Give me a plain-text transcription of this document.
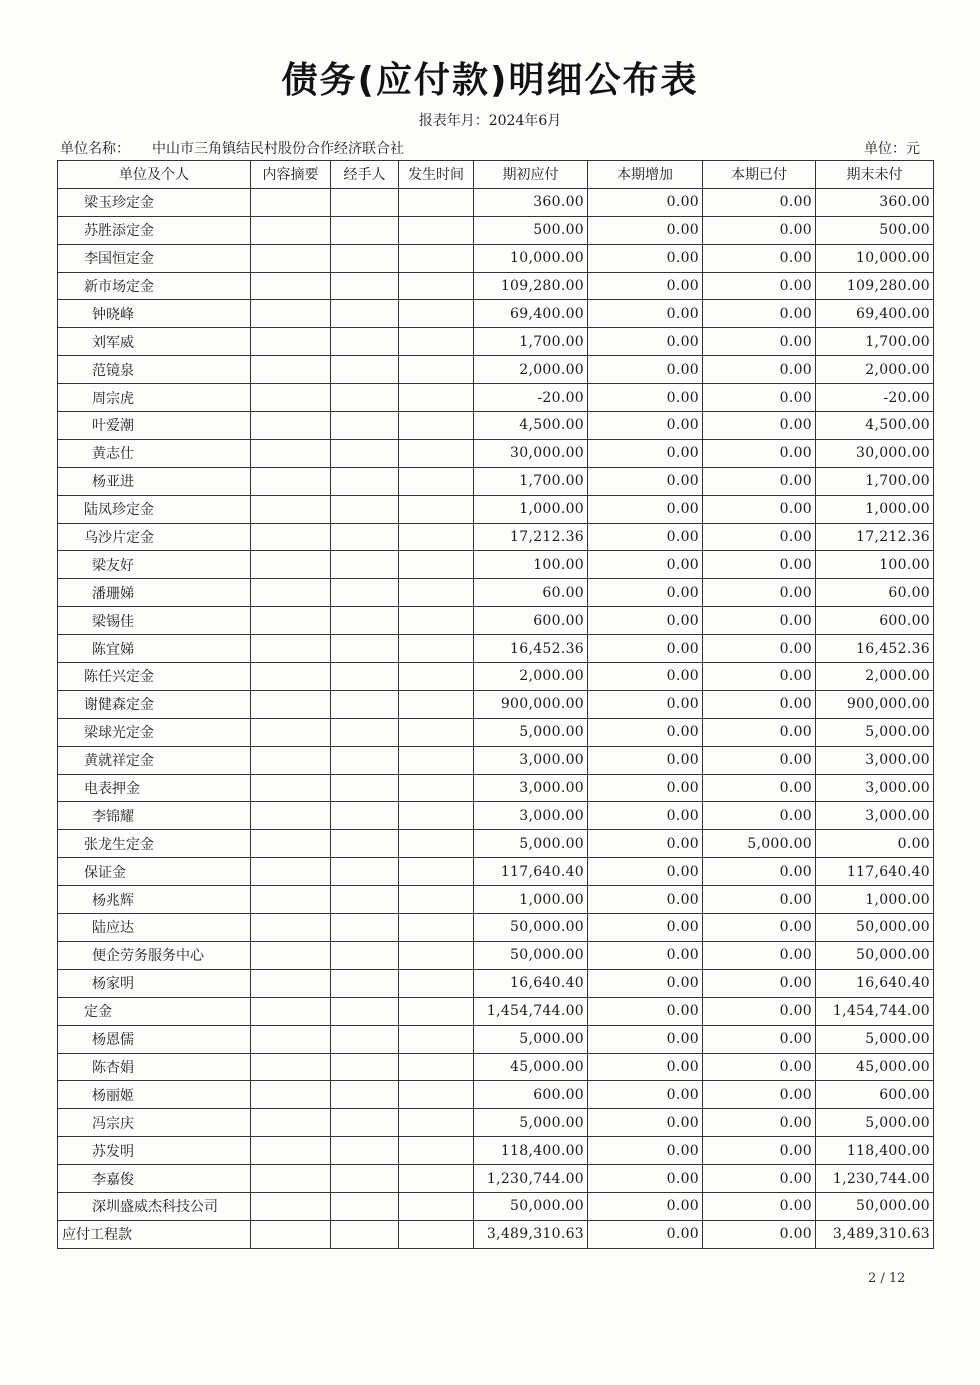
债务(应付款)明细公布表
报表年月：2024年6月
单位名称： 中山市三角镇结民村股份合作经济联合社	单位：元
单位及个人	内容摘要	经手人	发生时间	期初应付	本期增加	本期已付	期末未付
梁玉珍定金				360.00	0.00	0.00	360.00
苏胜添定金				500.00	0.00	0.00	500.00
李国恒定金				10,000.00	0.00	0.00	10,000.00
新市场定金				109,280.00	0.00	0.00	109,280.00
钟晓峰				69,400.00	0.00	0.00	69,400.00
刘军威				1,700.00	0.00	0.00	1,700.00
范镜泉				2,000.00	0.00	0.00	2,000.00
周宗虎				-20.00	0.00	0.00	-20.00
叶爱潮				4,500.00	0.00	0.00	4,500.00
黄志仕				30,000.00	0.00	0.00	30,000.00
杨亚进				1,700.00	0.00	0.00	1,700.00
陆凤珍定金				1,000.00	0.00	0.00	1,000.00
乌沙片定金				17,212.36	0.00	0.00	17,212.36
梁友好				100.00	0.00	0.00	100.00
潘珊娣				60.00	0.00	0.00	60.00
梁锡佳				600.00	0.00	0.00	600.00
陈宜娣				16,452.36	0.00	0.00	16,452.36
陈任兴定金				2,000.00	0.00	0.00	2,000.00
谢健森定金				900,000.00	0.00	0.00	900,000.00
梁球光定金				5,000.00	0.00	0.00	5,000.00
黄就祥定金				3,000.00	0.00	0.00	3,000.00
电表押金				3,000.00	0.00	0.00	3,000.00
李锦耀				3,000.00	0.00	0.00	3,000.00
张龙生定金				5,000.00	0.00	5,000.00	0.00
保证金				117,640.40	0.00	0.00	117,640.40
杨兆辉				1,000.00	0.00	0.00	1,000.00
陆应达				50,000.00	0.00	0.00	50,000.00
便企劳务服务中心				50,000.00	0.00	0.00	50,000.00
杨家明				16,640.40	0.00	0.00	16,640.40
定金				1,454,744.00	0.00	0.00	1,454,744.00
杨恩儒				5,000.00	0.00	0.00	5,000.00
陈杏娟				45,000.00	0.00	0.00	45,000.00
杨丽姬				600.00	0.00	0.00	600.00
冯宗庆				5,000.00	0.00	0.00	5,000.00
苏发明				118,400.00	0.00	0.00	118,400.00
李嘉俊				1,230,744.00	0.00	0.00	1,230,744.00
深圳盛威杰科技公司				50,000.00	0.00	0.00	50,000.00
应付工程款				3,489,310.63	0.00	0.00	3,489,310.63
2 / 12
